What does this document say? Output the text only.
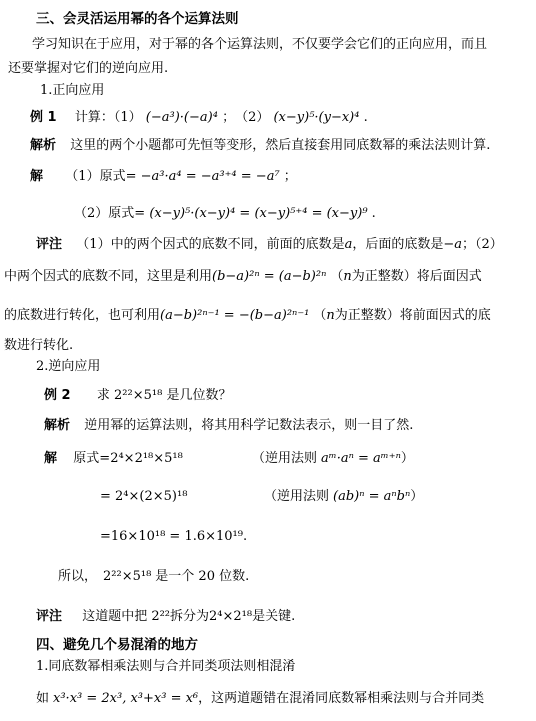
三、会灵活运用幂的各个运算法则
学习知识在于应用，对于幂的各个运算法则，不仅要学会它们的正向应用，而且
还要掌握对它们的逆向应用.
1.正向应用
例 1 计算：（1） (−a³)·(−a)⁴ ；　（2） (x−y)⁵·(y−x)⁴ .
解析 这里的两个小题都可先恒等变形，然后直接套用同底数幂的乘法法则计算.
解 （1）原式= −a³·a⁴ = −a³⁺⁴ = −a⁷ ；
（2）原式= (x−y)⁵·(x−y)⁴ = (x−y)⁵⁺⁴ = (x−y)⁹ .
评注 （1）中的两个因式的底数不同，前面的底数是a，后面的底数是−a；（2）
中两个因式的底数不同，这里是利用(b−a)²ⁿ = (a−b)²ⁿ （n为正整数）将后面因式
的底数进行转化，也可利用(a−b)²ⁿ⁻¹ = −(b−a)²ⁿ⁻¹ （n为正整数）将前面因式的底
数进行转化.
2.逆向应用
例 2 求 2²²×5¹⁸ 是几位数？
解析 逆用幂的运算法则，将其用科学记数法表示，则一目了然.
解 原式=2⁴×2¹⁸×5¹⁸	（逆用法则 aᵐ·aⁿ = aᵐ⁺ⁿ）
= 2⁴×(2×5)¹⁸	（逆用法则 (ab)ⁿ = aⁿbⁿ）
=16×10¹⁸ = 1.6×10¹⁹.
所以， 2²²×5¹⁸ 是一个 20 位数.
评注 这道题中把 2²²拆分为2⁴×2¹⁸是关键.
四、避免几个易混淆的地方
1.同底数幂相乘法则与合并同类项法则相混淆
如 x³·x³ = 2x³, x³+x³ = x⁶，这两道题错在混淆同底数幂相乘法则与合并同类
